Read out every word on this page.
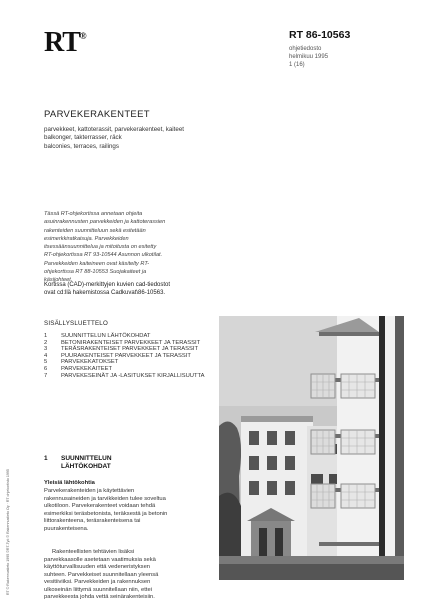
RT®	RT 86-10563
ohjetiedosto
helmikuu 1995
1 (16)
PARVEKERAKENTEET
parvekkeet, kattoterassit, parvekerakenteet, kaiteet
balkonger, takterrasser, räck
balconies, terraces, railings
Tässä RT-ohjekortissa annetaan ohjeita asuinrakennusten parvekkeiden ja kattoterassien rakenteiden suunnitteluun sekä esitetään esimerkkiratkaisuja. Parvekkeiden itsessäänsuunnittelua ja mitoitusta on esitetty RT-ohjekortissa RT 93-10544 Asunnon ulkotilat. Parvekkeiden kaiteineen ovat käsitelty RT-ohjekortissa RT 88-10553 Suojakaiteet ja käsijohteet.
Kortissa (CAD)-merkittyjen kuvien cad-tiedostot ovat cd:llä hakemistossa Cadkuvat\86-10563.
SISÄLLYSLUETTELO
1	SUUNNITTELUN LÄHTÖKOHDAT
2	BETONIRAKENTEISET PARVEKKEET JA TERASSIT
3	TERÄSRAKENTEISET PARVEKKEET JA TERASSIT
4	PUURAKENTEISET PARVEKKEET JA TERASSIT
5	PARVEKEKATOKSET
6	PARVEKEKAITEET
7	PARVEKESEINÄT JA -LASITUKSET KIRJALLISUUTTA
RT © Rakennustieto 1995 ©RT-Työ © Rakennustieto Oy · RT ohjekortisto 1995
1 SUUNNITTELUN LÄHTÖKOHDAT
Yleisiä lähtökohtia
Parvekerakenteiden ja käytettävien rakennusaineiden ja tarvikkeiden tulee soveltua ulkotiloon. Parvekerakenteet voidaan tehdä esimerkiksi teräsbetonista, teräksestä ja betonin liittorakenteena, teräsrakenteisena tai puurakenteisena.
Rakenteellisten tehtävien lisäksi parvekkaasolle asetetaan vaatimuksia sekä käyttöturvallisuuden että vedeneristyksen suhteen. Parvekkeiset suunnitellaan yleensä vesitiiviiksi. Parvekkeiden ja rakennuksen ulkoseinän liittymä suunnitellaan niin, ettei parvekkeesta johda vettä seinärakenteisiin.
